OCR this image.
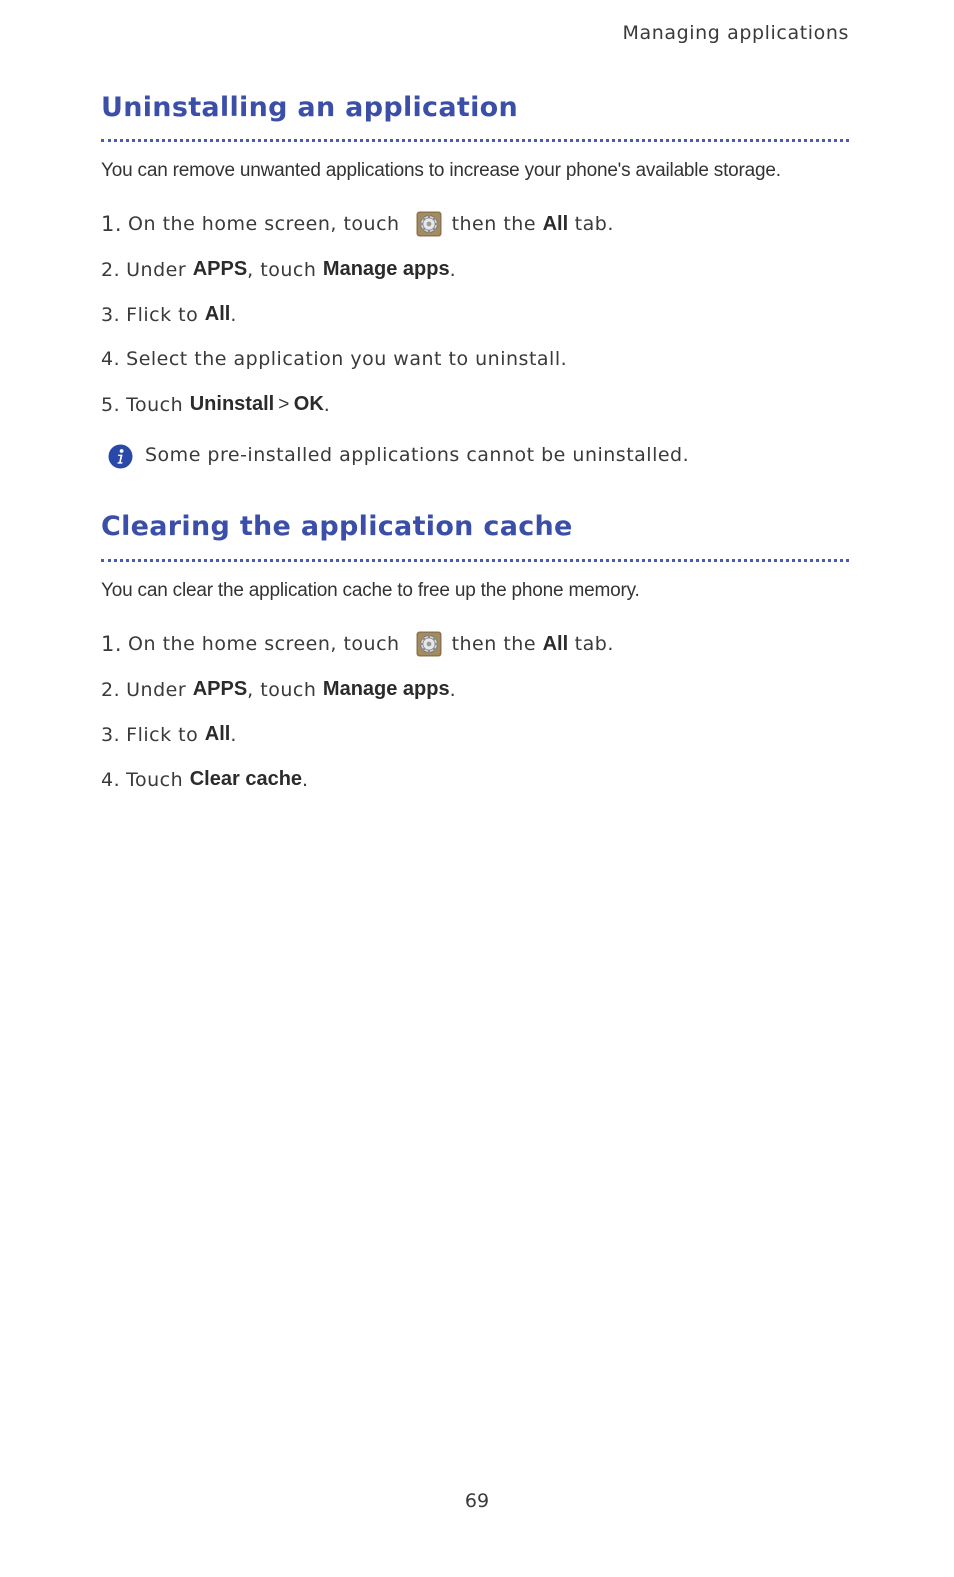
Managing applications
Uninstalling an application

You can remove unwanted applications to increase your phone's available storage.

1. On the home screen, touch	then the
All
tab.
2. Under
APPS , touch
Manage apps .
3. Flick to
All .
4. Select the application you want to uninstall.
5. Touch
Uninstall > OK .
Some pre-installed applications cannot be uninstalled.
Clearing the application cache

You can clear the application cache to free up the phone memory.

1. On the home screen, touch	then the
All
tab.
2. Under
APPS , touch
Manage apps .
3. Flick to
All .
4. Touch
Clear cache .
69
